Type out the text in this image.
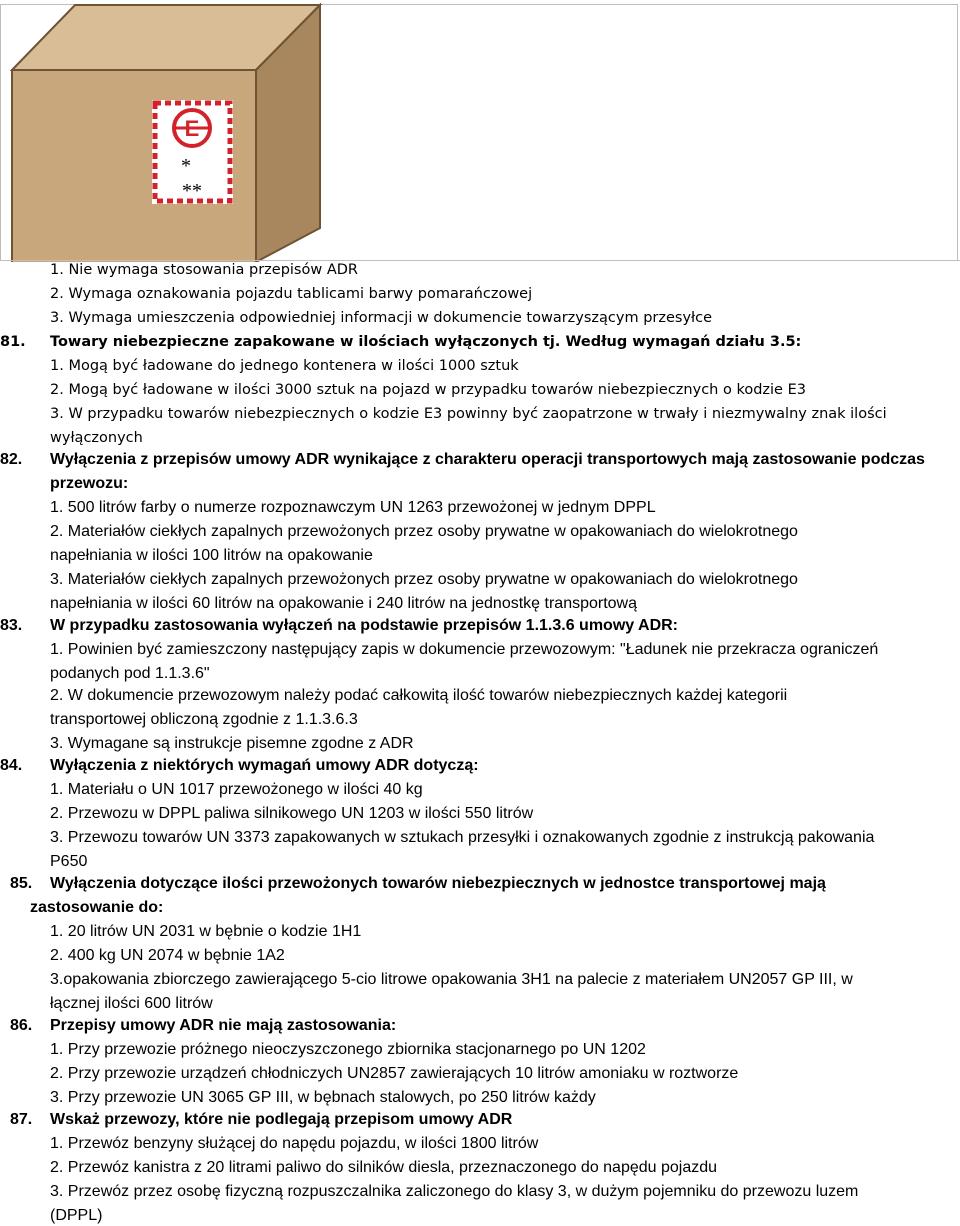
E
*
**
1. Nie wymaga stosowania przepisów ADR
2. Wymaga oznakowania pojazdu tablicami barwy pomarańczowej
3. Wymaga umieszczenia odpowiedniej informacji w dokumencie towarzyszącym przesyłce
81. Towary niebezpieczne zapakowane w ilościach wyłączonych tj. Według wymagań działu 3.5:
1. Mogą być ładowane do jednego kontenera w ilości 1000 sztuk
2. Mogą być ładowane w ilości 3000 sztuk na pojazd w przypadku towarów niebezpiecznych o kodzie E3
3. W przypadku towarów niebezpiecznych o kodzie E3 powinny być zaopatrzone w trwały i niezmywalny znak ilości
wyłączonych
82. Wyłączenia z przepisów umowy ADR wynikające z charakteru operacji transportowych mają zastosowanie podczas
przewozu:
1. 500 litrów farby o numerze rozpoznawczym UN 1263 przewożonej w jednym DPPL
2. Materiałów ciekłych zapalnych przewożonych przez osoby prywatne w opakowaniach do wielokrotnego
napełniania w ilości 100 litrów na opakowanie
3. Materiałów ciekłych zapalnych przewożonych przez osoby prywatne w opakowaniach do wielokrotnego
napełniania w ilości 60 litrów na opakowanie i 240 litrów na jednostkę transportową
83. W przypadku zastosowania wyłączeń na podstawie przepisów 1.1.3.6 umowy ADR:
1. Powinien być zamieszczony następujący zapis w dokumencie przewozowym: "Ładunek nie przekracza ograniczeń
podanych pod 1.1.3.6"
2. W dokumencie przewozowym należy podać całkowitą ilość towarów niebezpiecznych każdej kategorii
transportowej obliczoną zgodnie z 1.1.3.6.3
3. Wymagane są instrukcje pisemne zgodne z ADR
84. Wyłączenia z niektórych wymagań umowy ADR dotyczą:
1. Materiału o UN 1017 przewożonego w ilości 40 kg
2. Przewozu w DPPL paliwa silnikowego UN 1203 w ilości 550 litrów
3. Przewozu towarów UN 3373 zapakowanych w sztukach przesyłki i oznakowanych zgodnie z instrukcją pakowania
P650
85. Wyłączenia dotyczące ilości przewożonych towarów niebezpiecznych w jednostce transportowej mają
zastosowanie do:
1. 20 litrów UN 2031 w bębnie o kodzie 1H1
2. 400 kg UN 2074 w bębnie 1A2
3.opakowania zbiorczego zawierającego 5-cio litrowe opakowania 3H1 na palecie z materiałem UN2057 GP III, w
łącznej ilości 600 litrów
86. Przepisy umowy ADR nie mają zastosowania:
1. Przy przewozie próżnego nieoczyszczonego zbiornika stacjonarnego po UN 1202
2. Przy przewozie urządzeń chłodniczych UN2857 zawierających 10 litrów amoniaku w roztworze
3. Przy przewozie UN 3065 GP III, w bębnach stalowych, po 250 litrów każdy
87. Wskaż przewozy, które nie podlegają przepisom umowy ADR
1. Przewóz benzyny służącej do napędu pojazdu, w ilości 1800 litrów
2. Przewóz kanistra z 20 litrami paliwo do silników diesla, przeznaczonego do napędu pojazdu
3. Przewóz przez osobę fizyczną rozpuszczalnika zaliczonego do klasy 3, w dużym pojemniku do przewozu luzem
(DPPL)
